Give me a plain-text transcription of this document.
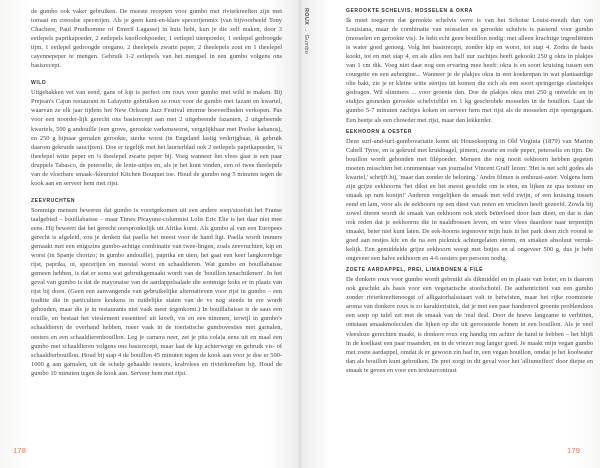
de gumbo ook vaker gebruiken. De meeste recepten voor gumbo met rivierkreeften zijn met tomaat en creoolse specerijen. Als je geen kant-en-klare specerijenmix (van bijvoorbeeld Tony Chachere, Paul Prudhomme of Emeril Lagasse) in huis hebt, kun je die zelf maken, door 3 eetlepels paprikapoeder, 2 eetlepels knoflookpoeder, 1 eetlepel uienpoeder, 1 eetlepel gedroogde tijm, 1 eetlepel gedroogde oregano, 2 theelepels zwarte peper, 2 theelepels zout en 1 theelepel cayennepeper te mengen. Gebruik 1-2 eetlepels van het mengsel in een gumbo volgens ons basisrecept.

WILD

Uitgebakken vet van eend, gans of kip is perfect om roux voor gumbo met wild te maken. Bij Prejean's Cajun restaurant in Lafayette gebruiken ze roux voor de gumbo met fazant en kwartel, waarvan ze elk jaar tijdens het New Orleans Jazz Festival enorme hoeveelheden verkopen. Pas voor een noorder-lijk gerecht ons basisrecept aan met 2 uitgebeende fazanten, 2 uitgebeende kwartels, 500 g andouille (een grove, gerookte varkensworst, vergelijkbaar met Poolse kabanos), en 250 g bijnaar gemalen gerookte, sterke worst (in Engeland lastig verkrijgbaar, ik gebruik daarom gekruide saucijzen). Doe er tegelijk met het laurierblad ook 2 eetlepels paprikapoeder, ¼ theelepel witte peper en ¼ theelepel zwarte peper bij. Voeg wanneer het vlees gaar is een paar druppels Tabasco, de peterselie, de lente-uitjes en, als je het kunt vinden, een of twee theelepels van de vloeibare smaak-/kleurstof Kitchen Bouquet toe. Houd de gumbo nog 5 minuten tegen de kook aan en serveer hem met rijst.

ZEEVRUCHTEN

Sommige mensen beweren dat gumbo is voortgekomen uit een andere soep/stoofuit het Franse taalgebied – bouillabaisse – maar Times Picayune-columnist Lolis Eric Elie is het daar niet mee eens. Hij beweert dat het gerecht oorspronkelijk uit Afrika komt. Als gumbo al van een Europees gerecht is afgeleid, zou je denken dat paella het meest voor de hand ligt. Paella wordt immers gemaakt met een enigszins gumbo-achtige combinatie van twee-lingen, zoals zeevruchten, kip en worst (in Spanje chorizo; in gumbo andouille), paprika en uien, het gaat een keer langkorrelige rijst, paprika, ui, specerijen en meestal worst en schaaldieren. Wat gumbo en bouillabaisse gemeen hebben, is dat er soms wat gebruikgemaakt wordt van de 'bouillon tenachtikmen'. In het geval van gumbo is dat de mayonaise van de aardappelsalade die sommige koks er in plaats van rijst bij doen. (Geen een aanvangende van gebruikelijke alternatieven voor rijst in gumbo – een traditie die in particuliere keukens in zuidelijke staten van de vs nog steeds in ere wordt gehouden, maar die je in restaurants niet vaak meer tegenkomt.) In bouillabaisse is de saus een rouille, en bestaat het vieslement essentieel uit kreeft, vis en een nimmen, terwijl in gumbo's schaaldieren de overhand hebben, meer vaak in de toeristische gumbovesties met garnalen, oesters en een schaaldierenbouillon. Leg je camera neer, zet je pita cola)a eens uit en maal een gumbo met schaaldieren volgens ons basisrecept, maar laat de kip achterwege en gebruik vis- of schaaldierbouillon. Houd bij stap 4 de bouillon 45 minuten tegen de kook aan voor je doe er 500-1000 g aan garnalen, uit de schelp gehaalde oesters, krabvlees en rivierkreeften bij. Houd de gumbo 10 minuten tegen de kook aan. Serveer hem met rijst.

178
ROUX → Gumbo

GEROOKTE SCHELVIS, MOSSELEN & OKRA

Ik moet toegeven dat gerookte schelvis verre is van het Schotse Louisi-mouth dan van Louisiana, maar de combinatie van mosselen en gerookte schelvis is passend voor gumbo (mosselen en gerookte vis). Je hebt echt geen bouillon nodig: met alleen krachtige ingrediënten is water goed genoeg. Volg het basisrecept, zonder kip en worst, tot stap 4. Zodra de basis kookt, tot en met stap 4, en als alles een half uur zachtjes heeft gekookt 250 g okra in plakjes van 1 cm dik. Voeg niet daar nog een ervaring mee heeft: okra is en soort kruising tussen een courgette en een aubergine... Wanneer je de plakjes okra in een koekenpan in wat plantaardige olie bakt, zie je er kleine witte stertjes uit komen die zich als een soort springerige elastiekjes gedragen. Wil slimmers ... voor groente dan. Doe de plakjes okra met 250 g ontvelde en in stukjes gesneden gerookte schelvisfilet en 1 kg geschrobde mosselen in de bouillon. Laat de gumbo 5-7 minuten zachtjes koken en serveer hem met rijst als de mosselen zijn opengegaan. Een beetje als een chowder met rijst, maar dan lekkerder.

EEKHOORN & OESTER

Deze surf-and-turf-gumbovariatie komt uit Housekeeping in Old Virginia (1879) van Marion Cabell Tyree, en is gekruid met kruidnagel, piment, zwarte en rode peper, peterselie en tijm. De bouillon wordt gebonden met filépoeder. Mensen die nog nooit eekhoorn hebben gegeten moeten misschien het commentaar van journalist Vincent Graff lezen: 'Het is net schi godes als kwartel,' schrijft hij, 'maar dan zonder de beloning.' Andre filmen is enthousi-aster. Volgens hem zijn grijze eekhoorns 'het dikst en het meest geschikt om te eten, en lijken ze qua textuur en smaak op ram konijn!' Anderen vergelijken de smaak met wild zwijn, of een kruising tussen eend en lam, voor als de eekhoorn op een dieet van noten en vruchten heeft gezeefd. Zowla bij zowel dieren wordt de smaak van eekhoorn ook sterk beïnvloed door hun dieet, en dat is dan ook reden dat je eekhoorns die in naaldbossen leven, en wier vlees daardoor naar terpentijn smaakt, beter niet kunt laten. De eek-hoorns tegenover mijn huis in het park doen zich vooral te goed aan restjes kfc en de na een picknick achtergelaten eieren, en smaken absoluut verruk-kelijk. Een gemiddelde grijze eekhoorn weegt met botjes en al ongeveer 500 g, dus je hebt ongeveer een halve eekhoorn en 4-6 oesters per persoon nodig.

ZOETE AARDAPPEL, PREI, LIMABONEN & FILÉ

De donkere roux voor gumbo wordt gebruikt als dikmiddel en in plaats van boter, en is daarom ook geschikt als basis voor een vegetarische stoofschotel. De authenticiteit van een gumbo zonder rivierkreeftenoogst of alligatorhalsstaart valt te betwisten, maar het rijke roomzoete aroma van donkere roux is zo karakteristiek, dat je met een paar handenvol groente problemloos een soep op tafel zet met de smaak van de 'real deal. Door de hoeve langzame te verhitten, ontstaan smaakmoleculen die lijken op die uit geroosterde bonen in een bouillon. Als je veel vleesloze gerechten maakt, is donkere roux erg handig om achter de hand te hebben – het blijft in de koelkast een paar maanden, en in de vriezer nog langer goed. Je maakt mijn vegan gumbo met zoete aardappel, omdat ik er gewoon zin had in, een vegan bouillon, omdat je het koolwater dan als bouillon kunt gebruiken. De prei zorgt in dit geval voor het 'alliumeffect' door diepte en smaak te geven en voor een textuurcontrast

179
